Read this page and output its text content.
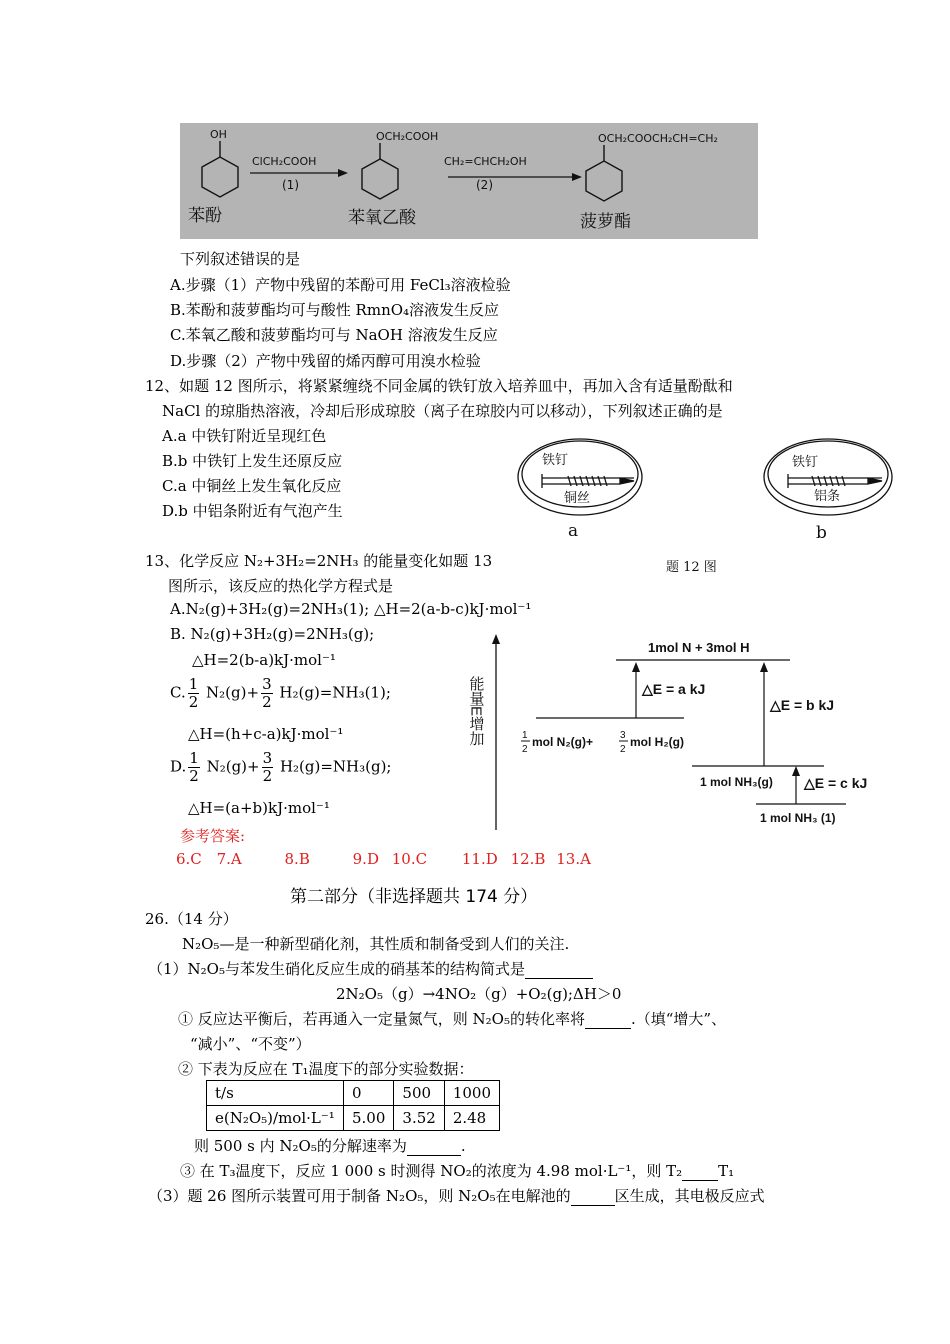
OH
苯酚
ClCH₂COOH
(1)
OCH₂COOH
苯氧乙酸
CH₂=CHCH₂OH
(2)
OCH₂COOCH₂CH=CH₂
菠萝酯
下列叙述错误的是
A.步骤（1）产物中残留的苯酚可用 FeCl₃溶液检验
B.苯酚和菠萝酯均可与酸性 RmnO₄溶液发生反应
C.苯氧乙酸和菠萝酯均可与 NaOH 溶液发生反应
D.步骤（2）产物中残留的烯丙醇可用溴水检验
12、如题 12 图所示，将紧紧缠绕不同金属的铁钉放入培养皿中，再加入含有适量酚酞和
NaCl 的琼脂热溶液，冷却后形成琼胶（离子在琼胶内可以移动），下列叙述正确的是
A.a 中铁钉附近呈现红色
B.b 中铁钉上发生还原反应
C.a 中铜丝上发生氧化反应
D.b 中铝条附近有气泡产生
铁钉
铜丝
a
铁钉
铝条
b
题 12 图
13、化学反应 N₂+3H₂=2NH₃ 的能量变化如题 13
图所示，该反应的热化学方程式是
A.N₂(g)+3H₂(g)=2NH₃(1); △H=2(a-b-c)kJ·mol⁻¹
B. N₂(g)+3H₂(g)=2NH₃(g);
△H=2(b-a)kJ·mol⁻¹
C. $\frac{1}{2} N_2(g)+ \frac{3}{2} H_2(g)=NH_3(1)$;
△H=(h+c-a)kJ·mol⁻¹
D. $\frac{1}{2} N_2(g)+ \frac{3}{2} H_2(g)=NH_3(g)$;
△H=(a+b)kJ·mol⁻¹
能量E增加
1mol N + 3mol H
△E = a kJ
1
2
mol N₂(g)+	3
2
mol H₂(g)
△E = b kJ
1 mol NH₃(g) △E = c kJ
1 mol NH₃ (1)
参考答案:
6.C 7.A	8.B	9.D 10.C 11.D 12.B 13.A
第二部分（非选择题共 174 分）
26.（14 分）
N₂O₅—是一种新型硝化剂，其性质和制备受到人们的关注.
（1）N₂O₅与苯发生硝化反应生成的硝基苯的结构简式是
2N₂O₅（g）→4NO₂（g）+O₂(g);ΔH＞0
① 反应达平衡后，若再通入一定量氮气，则 N₂O₅的转化率将	.（填“增大”、
“减小”、“不变”）
② 下表为反应在 T₁温度下的部分实验数据：
t/s	0	500	1000
e(N₂O₅)/mol·L⁻¹	5.00	3.52	2.48
则 500 s 内 N₂O₅的分解速率为	.
③ 在 T₃温度下，反应 1 000 s 时测得 NO₂的浓度为 4.98 mol·L⁻¹，则 T₂ T₁
（3）题 26 图所示装置可用于制备 N₂O₅，则 N₂O₅在电解池的	区生成，其电极反应式
